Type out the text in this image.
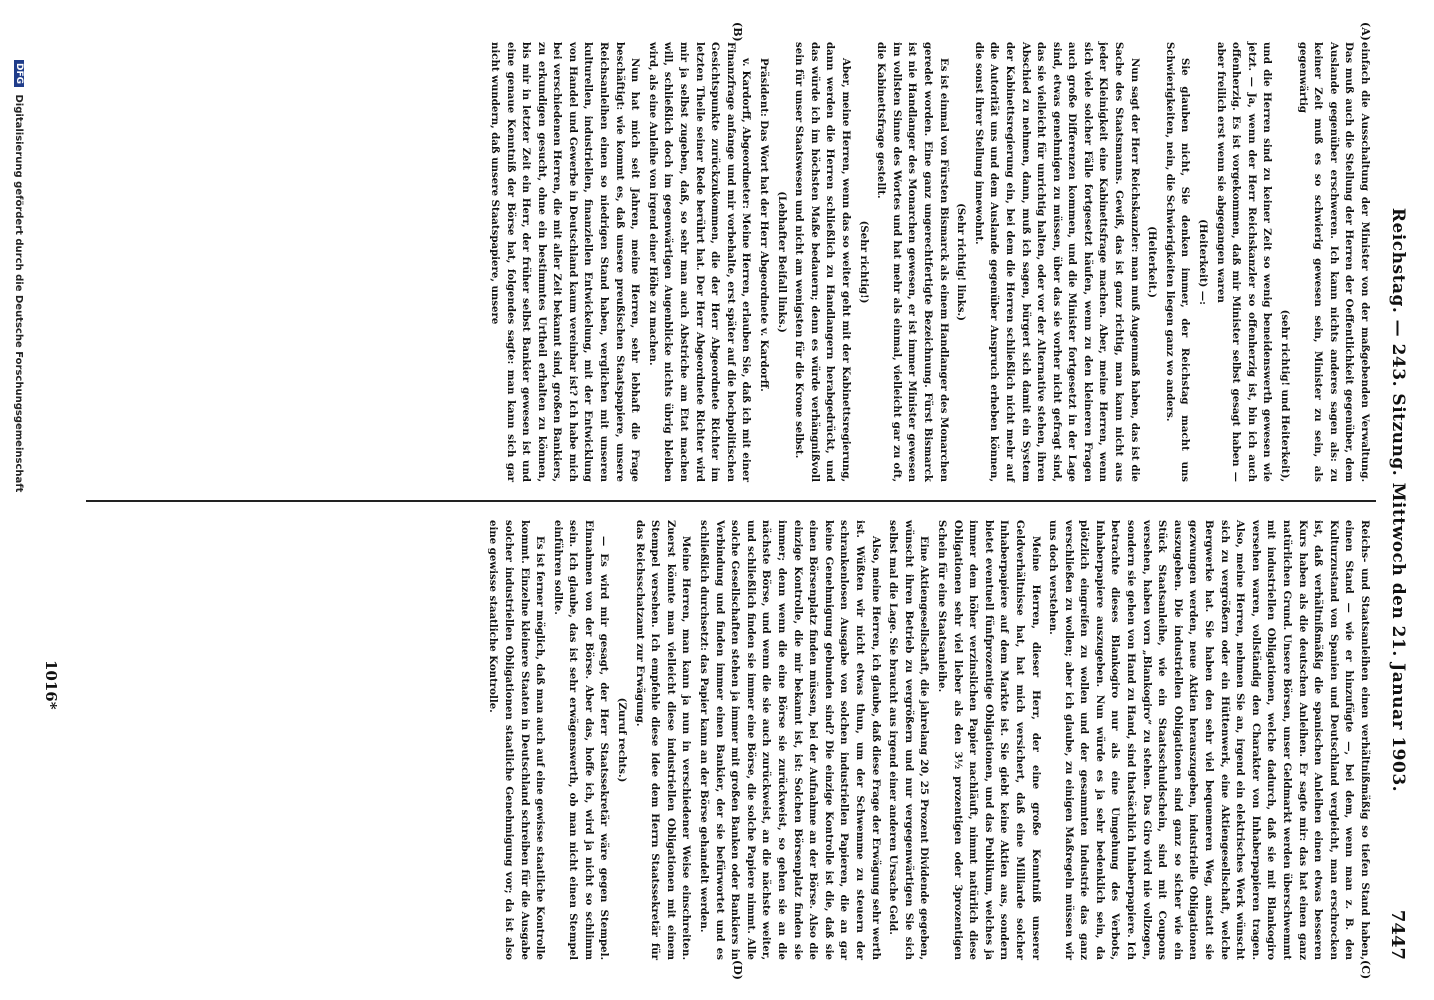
Reichstag. — 243. Sitzung. Mittwoch den 21. Januar 1903.
7447
(A)
(B)
(C)
(D)

einfach die Ausschaltung der Minister von der maßgebenden Verwaltung. Das muß auch die Stellung der Herren der Oeffentlichkeit gegenüber, dem Auslande gegenüber erschweren. Ich kann nichts anderes sagen als: zu keiner Zeit muß es so schwierig gewesen sein, Minister zu sein, als gegenwärtig

(sehr richtig! und Heiterkeit),

und die Herren sind zu keiner Zeit so wenig beneidenswerth gewesen wie jetzt. — Ja, wenn der Herr Reichskanzler so offenherzig ist, bin ich auch offenherzig. Es ist vorgekommen, daß mir Minister selbst gesagt haben — aber freilich erst wenn sie abgegangen waren

(Heiterkeit) —:

Sie glauben nicht, Sie denken immer, der Reichstag macht uns Schwierigkeiten, nein, die Schwierigkeiten liegen ganz wo anders.

(Heiterkeit.)

Nun sagt der Herr Reichskanzler: man muß Augenmaß haben, das ist die Sache des Staatsmanns. Gewiß, das ist ganz richtig, man kann nicht aus jeder Kleinigkeit eine Kabinettsfrage machen. Aber, meine Herren, wenn sich viele solcher Fälle fortgesetzt häufen, wenn zu den kleineren Fragen auch große Differenzen kommen, und die Minister fortgesetzt in der Lage sind, etwas genehmigen zu müssen, über das sie vorher nicht gefragt sind, das sie vielleicht für unrichtig halten, oder vor der Alternative stehen, ihren Abschied zu nehmen, dann, muß ich sagen, bürgert sich damit ein System der Kabinettsregierung ein, bei dem die Herren schließlich nicht mehr auf die Autorität uns und dem Auslande gegenüber Anspruch erheben können, die sonst ihrer Stellung innewohnt.

(Sehr richtig! links.)

Es ist einmal von Fürsten Bismarck als einem Handlanger des Monarchen geredet worden. Eine ganz ungerechtfertigte Bezeichnung. Fürst Bismarck ist nie Handlanger des Monarchen gewesen, er ist immer Minister gewesen im vollsten Sinne des Wortes und hat mehr als einmal, vielleicht gar zu oft, die Kabinettsfrage gestellt.

(Sehr richtig!)

Aber, meine Herren, wenn das so weiter geht mit der Kabinettsregierung, dann werden die Herren schließlich zu Handlangern herabgedrückt, und das würde ich im höchsten Maße bedauern; denn es würde verhängnißvoll sein für unser Staatswesen und nicht am wenigsten für die Krone selbst.

(Lebhafter Beifall links.)

Präsident: Das Wort hat der Herr Abgeordnete v. Kardorff.

v. Kardorff, Abgeordneter: Meine Herren, erlauben Sie, daß ich mit einer Finanzfrage anfange und mir vorbehalte, erst später auf die hochpolitischen Gesichtspunkte zurückzukommen, die der Herr Abgeordnete Richter im letzten Theile seiner Rede berührt hat. Der Herr Abgeordnete Richter wird mir ja selbst zugeben, daß, so sehr man auch Abstriche am Etat machen will, schließlich doch im gegenwärtigen Augenblicke nichts übrig bleiben wird, als eine Anleihe von irgend einer Höhe zu machen.

Nun hat mich seit Jahren, meine Herren, sehr lebhaft die Frage beschäftigt: wie kommt es, daß unsere preußischen Staatspapiere, unsere Reichsanleihen einen so niedrigen Stand haben, verglichen mit unseren kulturellen, industriellen, finanziellen Entwickelung, mit der Entwicklung von Handel und Gewerbe in Deutschland kaum vereinbar ist? Ich habe mich bei verschiedenen Herren, die mit aller Zeit bekannt sind, großen Bankiers, zu erkundigen gesucht, ohne ein bestimmtes Urtheil erhalten zu können, bis mir in letzter Zeit ein Herr, der früher selbst Bankier gewesen ist und eine genaue Kenntniß der Börse hat, folgendes sagte: man kann sich gar nicht wundern, daß unsere Staatspapiere, unsere

Reichs- und Staatsanleihen einen verhältnißmäßig so tiefen Stand haben, einen Stand — wie er hinzufügte —, bei dem, wenn man z. B. den Kulturzustand von Spanien und Deutschland vergleicht, man erschrocken ist, daß verhältnißmäßig die spanischen Anleihen einen etwas besseren Kurs haben als die deutschen Anleihen. Er sagte mir: das hat einen ganz natürlichen Grund. Unsere Börsen, unser Geldmarkt werden überschwemmt mit industriellen Obligationen, welche dadurch, daß sie mit Blankogiro versehen waren, vollständig den Charakter von Inhaberpapieren tragen. Also, meine Herren, nehmen Sie an, irgend ein elektrisches Werk wünscht sich zu vergrößern oder ein Hüttenwerk, eine Aktiengesellschaft, welche Bergwerke hat. Sie haben den sehr viel bequemeren Weg, anstatt sie gezwungen werden, neue Aktien herauszugeben, industrielle Obligationen auszugeben. Die industriellen Obligationen sind ganz so sicher wie ein Stück Staatsanleihe, wie ein Staatsschuldschein, sind mit Coupons versehen, haben vorn „Blankogiro“ zu stehen. Das Giro wird nie vollzogen, sondern sie gehen von Hand zu Hand, sind thatsächlich Inhaberpapiere. Ich betrachte dieses Blankogiro nur als eine Umgehung des Verbots, Inhaberpapiere auszugeben. Nun würde es ja sehr bedenklich sein, da plötzlich eingreifen zu wollen und der gesammten Industrie das ganz verschließen zu wollen; aber ich glaube, zu einigen Maßregeln müssen wir uns doch verstehen.

Meine Herren, dieser Herr, der eine große Kenntniß unserer Geldverhältnisse hat, hat mich versichert, daß eine Milliarde solcher Inhaberpapiere auf dem Markte ist. Sie giebt keine Aktien aus, sondern bietet eventuell fünfprozentige Obligationen, und das Publikum, welches ja immer dem höher verzinslichen Papier nachläuft, nimmt natürlich diese Obligationen sehr viel lieber als den 3½ prozentigen oder 3prozentigen Schein für eine Staatsanleihe.

Eine Aktiengesellschaft, die jahrelang 20, 25 Prozent Dividende gegeben, wünscht ihren Betrieb zu vergrößern und nur vergegenwärtigen Sie sich selbst mal die Lage. Sie braucht aus irgend einer anderen Ursache Geld.

Also, meine Herren, ich glaube, daß diese Frage der Erwägung sehr werth ist. Wüßten wir nicht etwas thun, um der Schwemme zu steuern der schrankenlosen Ausgabe von solchen industriellen Papieren, die an gar keine Genehmigung gebunden sind? Die einzige Kontrolle ist die, daß sie einen Börsenplatz finden müssen, bei der Aufnahme an der Börse. Also die einzige Kontrolle, die mir bekannt ist, ist: Solchen Börsenplatz finden sie immer; denn wenn die eine Börse sie zurückweist, so gehen sie an die nächste Börse, und wenn die sie auch zurückweist, an die nächste weiter, und schließlich finden sie immer eine Börse, die solche Papiere nimmt. Alle solche Gesellschaften stehen ja immer mit großen Banken oder Bankiers in Verbindung und finden immer einen Bankier, der sie befürwortet und es schließlich durchsetzt: das Papier kann an der Börse gehandelt werden.

Meine Herren, man kann ja nun in verschiedener Weise einschreiten. Zuerst könnte man vielleicht diese industriellen Obligationen mit einem Stempel versehen. Ich empfehle diese Idee dem Herrn Staatssekretär für das Reichsschatzamt zur Erwägung.

(Zuruf rechts.)

— Es wird mir gesagt, der Herr Staatssekretär wäre gegen Stempel. Einnahmen von der Börse. Aber das, hoffe ich, wird ja nicht so schlimm sein. Ich glaube, das ist sehr erwägenswerth, ob man nicht einen Stempel einführen sollte.

Es ist ferner möglich, daß man auch auf eine gewisse staatliche Kontrolle kommt. Einzelne kleinere Staaten in Deutschland schreiben für die Ausgabe solcher industriellen Obligationen staatliche Genehmigung vor; da ist also eine gewisse staatliche Kontrolle.

1016*
DFG Digitalisierung gefördert durch die Deutsche Forschungsgemeinschaft
